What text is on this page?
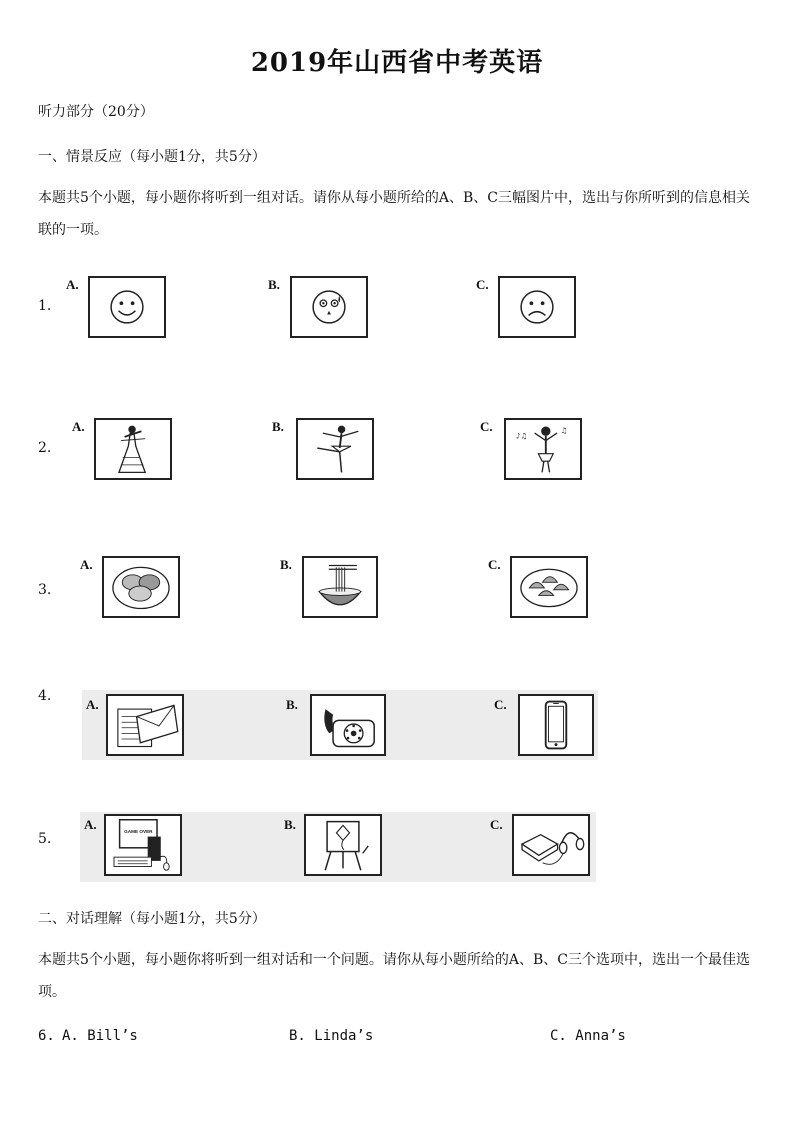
2019年山西省中考英语
听力部分（20分）
一、情景反应（每小题1分，共5分）
本题共5个小题，每小题你将听到一组对话。请你从每小题所给的A、B、C三幅图片中，选出与你所听到的信息相关联的一项。
1.
A.	B.	C.
2.
A.	B.	C.
♪♫
♫
3.
A.	B.	C.
4.
A.	B.	C.
5.
A.	GAME OVER	B.	C.
二、对话理解（每小题1分，共5分）
本题共5个小题，每小题你将听到一组对话和一个问题。请你从每小题所给的A、B、C三个选项中，选出一个最佳选项。
6. A. Bill’s	B. Linda’s	C. Anna’s
